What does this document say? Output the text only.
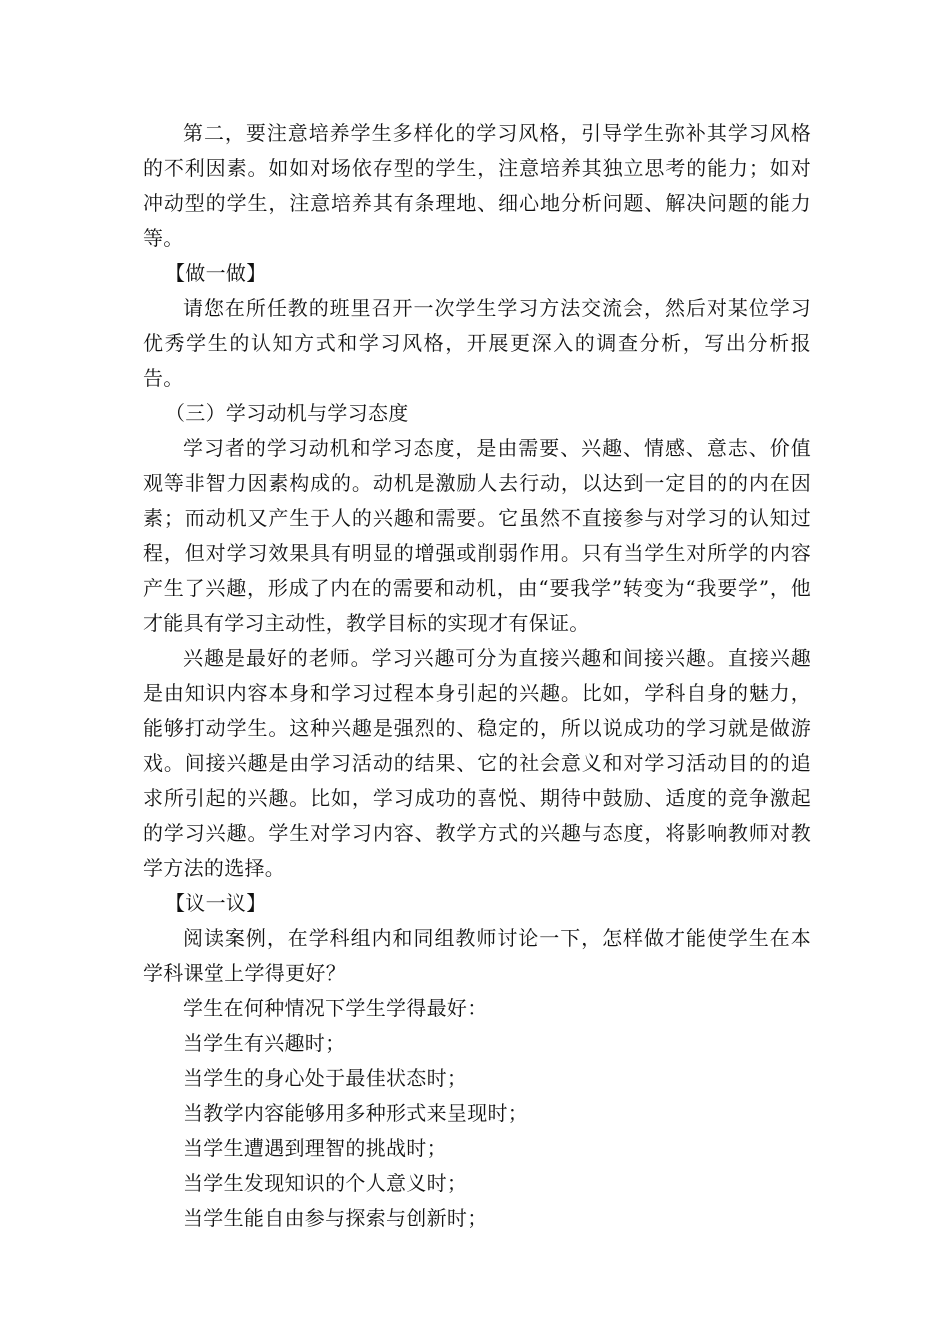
第二，要注意培养学生多样化的学习风格，引导学生弥补其学习风格的不利因素。如如对场依存型的学生，注意培养其独立思考的能力；如对冲动型的学生，注意培养其有条理地、细心地分析问题、解决问题的能力等。

【做一做】

请您在所任教的班里召开一次学生学习方法交流会，然后对某位学习优秀学生的认知方式和学习风格，开展更深入的调查分析，写出分析报告。

（三）学习动机与学习态度

学习者的学习动机和学习态度，是由需要、兴趣、情感、意志、价值观等非智力因素构成的。动机是激励人去行动，以达到一定目的的内在因素；而动机又产生于人的兴趣和需要。它虽然不直接参与对学习的认知过程，但对学习效果具有明显的增强或削弱作用。只有当学生对所学的内容产生了兴趣，形成了内在的需要和动机，由“要我学”转变为“我要学”，他才能具有学习主动性，教学目标的实现才有保证。

兴趣是最好的老师。学习兴趣可分为直接兴趣和间接兴趣。直接兴趣是由知识内容本身和学习过程本身引起的兴趣。比如，学科自身的魅力，能够打动学生。这种兴趣是强烈的、稳定的，所以说成功的学习就是做游戏。间接兴趣是由学习活动的结果、它的社会意义和对学习活动目的的追求所引起的兴趣。比如，学习成功的喜悦、期待中鼓励、适度的竞争激起的学习兴趣。学生对学习内容、教学方式的兴趣与态度，将影响教师对教学方法的选择。

【议一议】

阅读案例，在学科组内和同组教师讨论一下，怎样做才能使学生在本学科课堂上学得更好？

学生在何种情况下学生学得最好：

当学生有兴趣时；

当学生的身心处于最佳状态时；

当教学内容能够用多种形式来呈现时；

当学生遭遇到理智的挑战时；

当学生发现知识的个人意义时；

当学生能自由参与探索与创新时；
